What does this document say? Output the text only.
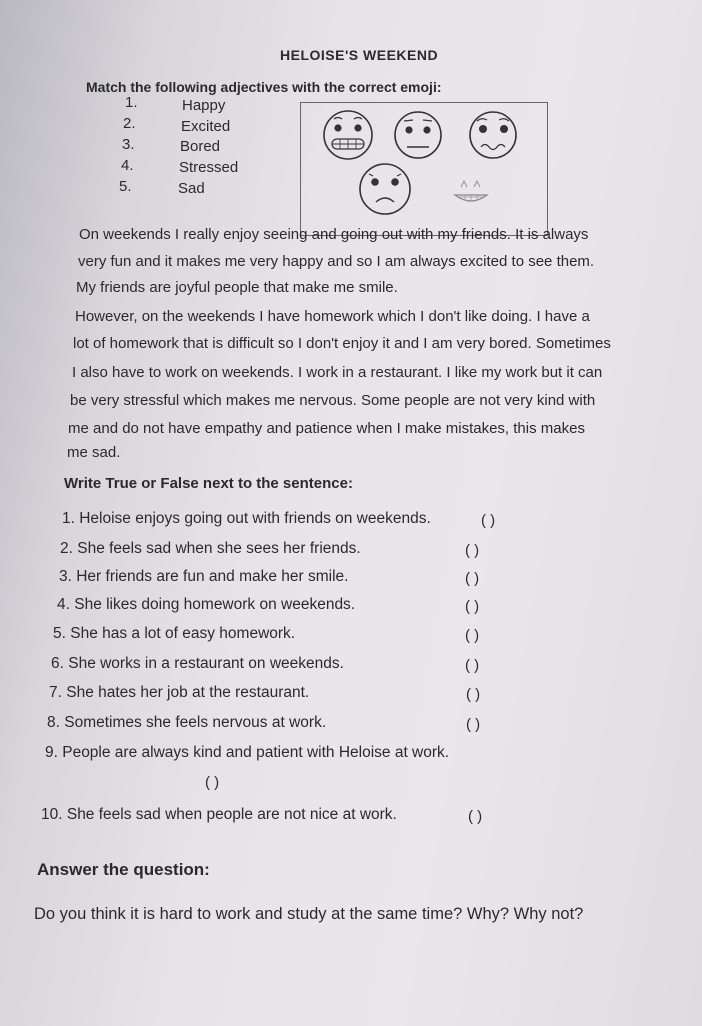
HELOISE'S WEEKEND
Match the following adjectives with the correct emoji:
1.	Happy
2.	Excited
3.	Bored
4.	Stressed
5.	Sad
On weekends I really enjoy seeing and going out with my friends. It is always
very fun and it makes me very happy and so I am always excited to see them.
My friends are joyful people that make me smile.
However, on the weekends I have homework which I don't like doing. I have a
lot of homework that is difficult so I don't enjoy it and I am very bored. Sometimes
I also have to work on weekends. I work in a restaurant. I like my work but it can
be very stressful which makes me nervous. Some people are not very kind with
me and do not have empathy and patience when I make mistakes, this makes
me sad.
Write True or False next to the sentence:
1. Heloise enjoys going out with friends on weekends.	( )
2. She feels sad when she sees her friends.	( )
3. Her friends are fun and make her smile.	( )
4. She likes doing homework on weekends.	( )
5. She has a lot of easy homework.	( )
6. She works in a restaurant on weekends.	( )
7. She hates her job at the restaurant.	( )
8. Sometimes she feels nervous at work.	( )
9. People are always kind and patient with Heloise at work.
( )
10. She feels sad when people are not nice at work.	( )
Answer the question:
Do you think it is hard to work and study at the same time? Why? Why not?
